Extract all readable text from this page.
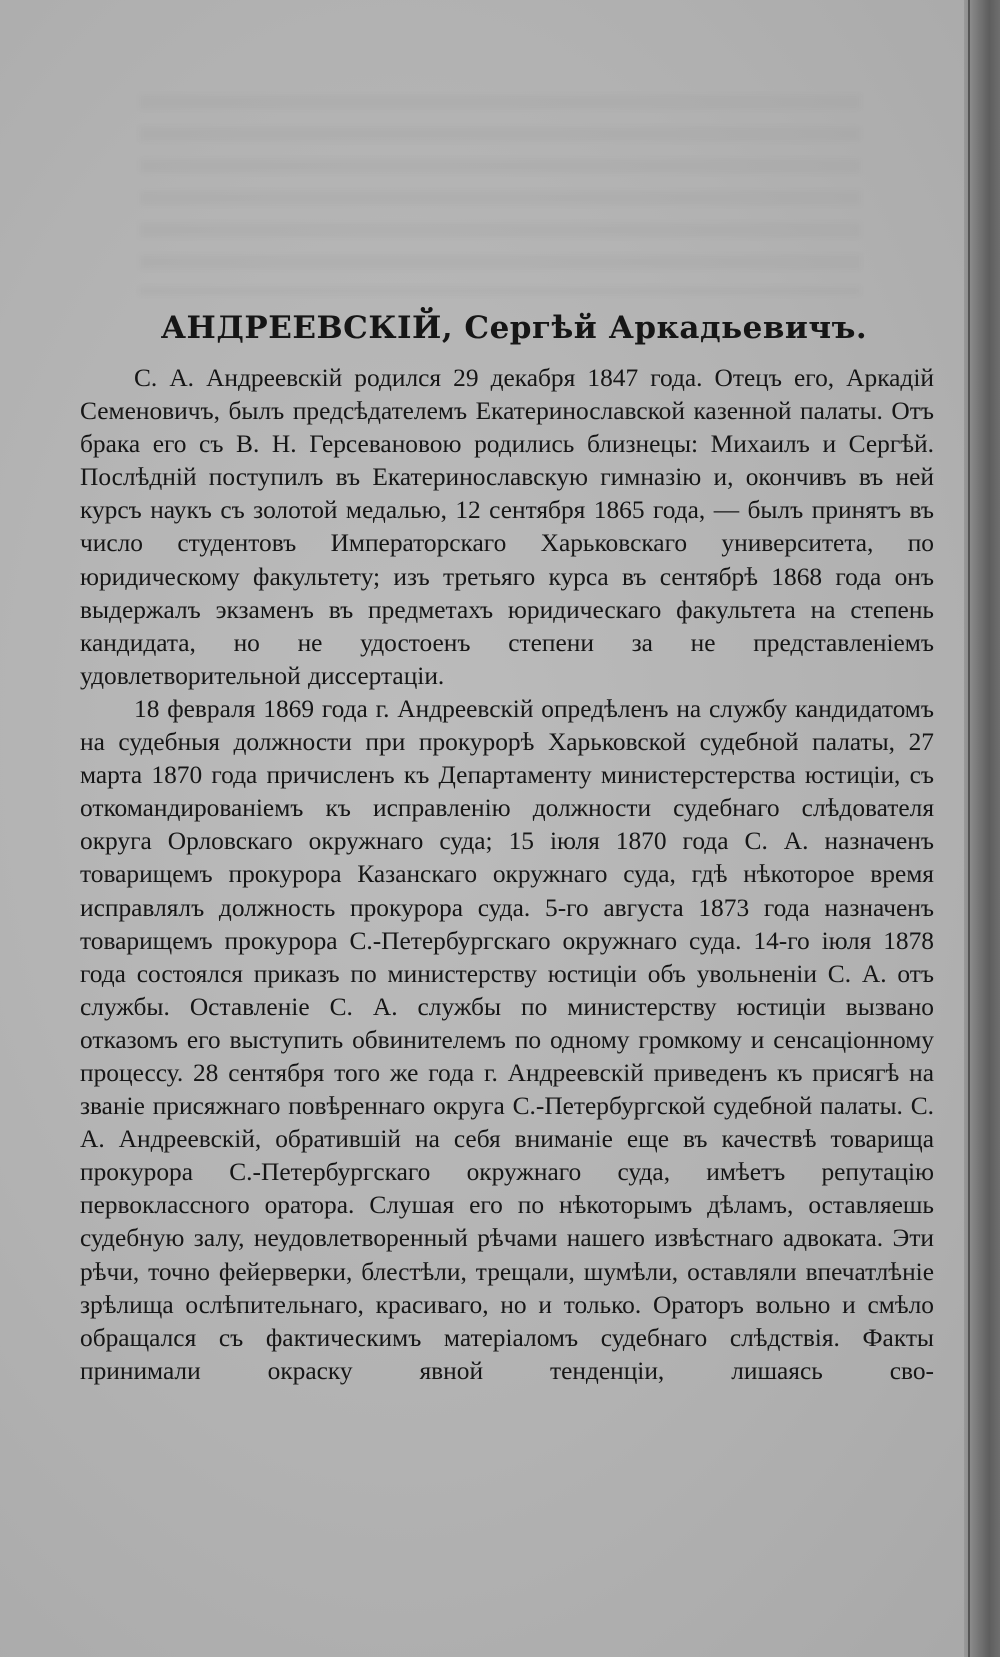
АНДРЕЕВСКІЙ, Сергѣй Аркадьевичъ.

С. А. Андреевскій родился 29 декабря 1847 года. Отецъ его, Аркадій Семеновичъ, былъ предсѣдателемъ Екатеринославской казенной палаты. Отъ брака его съ В. Н. Герсевановою родились близнецы: Михаилъ и Сергѣй. Послѣдній поступилъ въ Екатеринославскую гимназію и, окончивъ въ ней курсъ наукъ съ золотой медалью, 12 сентября 1865 года, — былъ принятъ въ число студентовъ Императорскаго Харьковскаго университета, по юридическому факультету; изъ третьяго курса въ сентябрѣ 1868 года онъ выдержалъ экзаменъ въ предметахъ юридическаго факультета на степень кандидата, но не удостоенъ степени за не представленіемъ удовлетворительной диссертаціи.

18 февраля 1869 года г. Андреевскій опредѣленъ на службу кандидатомъ на судебныя должности при прокурорѣ Харьковской судебной палаты, 27 марта 1870 года причисленъ къ Департаменту министерстерства юстиціи, съ откомандированіемъ къ исправленію должности судебнаго слѣдователя округа Орловскаго окружнаго суда; 15 іюля 1870 года С. А. назначенъ товарищемъ прокурора Казанскаго окружнаго суда, гдѣ нѣкоторое время исправлялъ должность прокурора суда. 5-го августа 1873 года назначенъ товарищемъ прокурора С.-Петербургскаго окружнаго суда. 14-го іюля 1878 года состоялся приказъ по министерству юстиціи объ увольненіи С. А. отъ службы. Оставленіе С. А. службы по министерству юстиціи вызвано отказомъ его выступить обвинителемъ по одному громкому и сенсаціонному процессу. 28 сентября того же года г. Андреевскій приведенъ къ присягѣ на званіе присяжнаго повѣреннаго округа С.-Петербургской судебной палаты. С. А. Андреевскій, обратившій на себя вниманіе еще въ качествѣ товарища прокурора С.-Петербургскаго окружнаго суда, имѣетъ репутацію первоклассного оратора. Слушая его по нѣкоторымъ дѣламъ, оставляешь судебную залу, неудовлетворенный рѣчами нашего извѣстнаго адвоката. Эти рѣчи, точно фейерверки, блестѣли, трещали, шумѣли, оставляли впечатлѣніе зрѣлища ослѣпительнаго, красиваго, но и только. Ораторъ вольно и смѣло обращался съ фактическимъ матеріаломъ судебнаго слѣдствія. Факты принимали окраску явной тенденціи, лишаясь сво-
